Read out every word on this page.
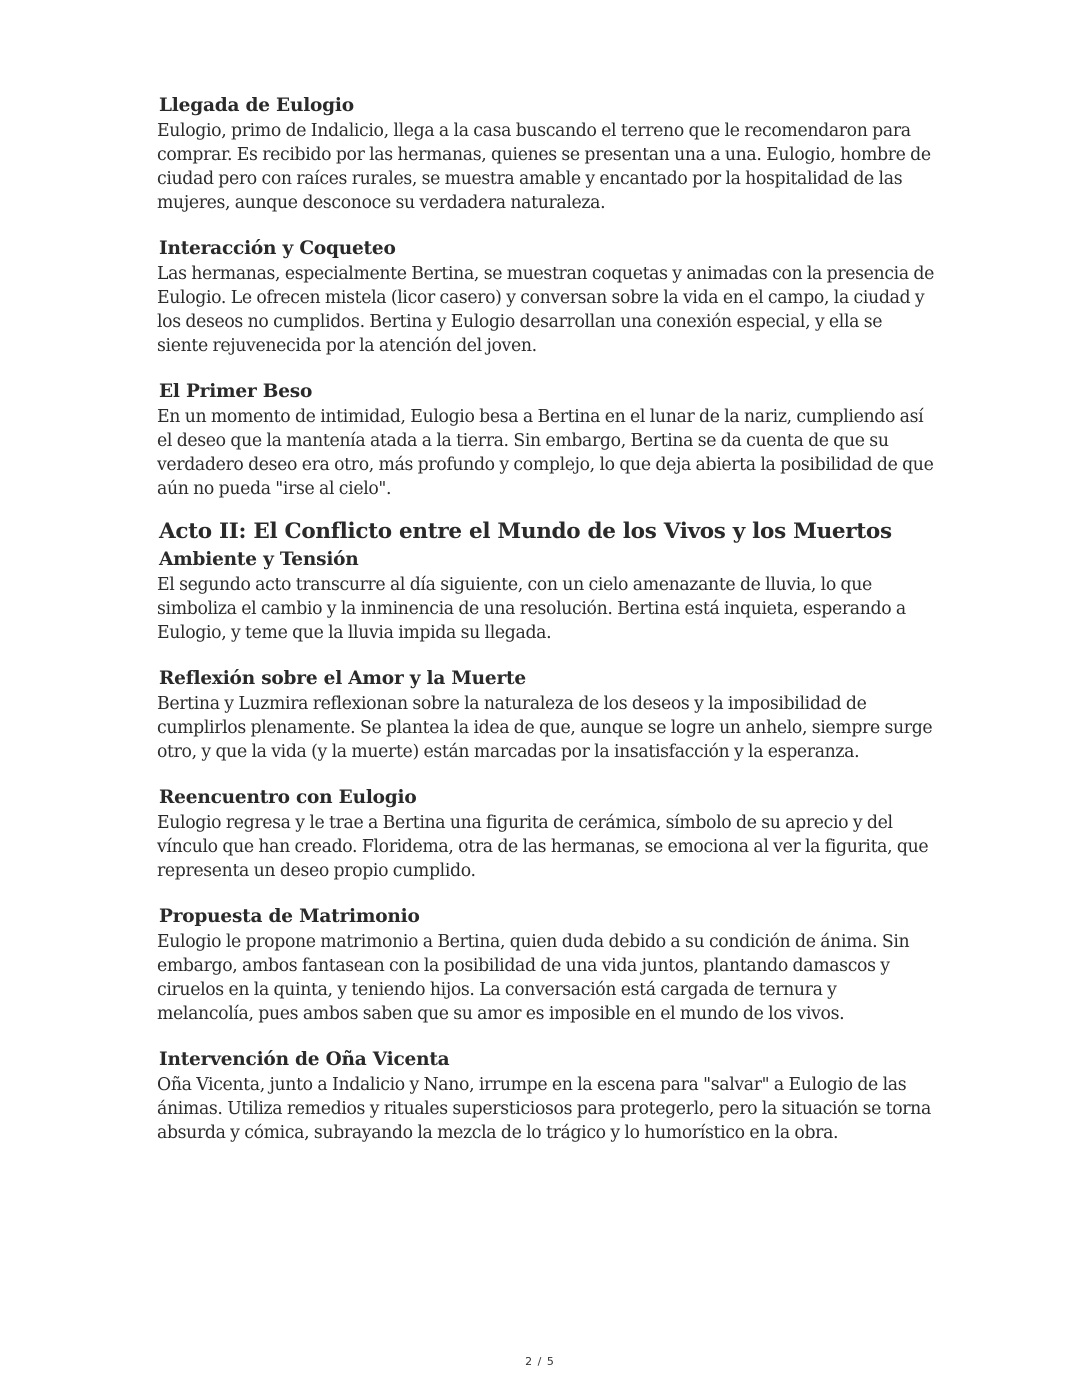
Llegada de Eulogio
Eulogio, primo de Indalicio, llega a la casa buscando el terreno que le recomendaron para comprar. Es recibido por las hermanas, quienes se presentan una a una. Eulogio, hombre de ciudad pero con raíces rurales, se muestra amable y encantado por la hospitalidad de las mujeres, aunque desconoce su verdadera naturaleza.
Interacción y Coqueteo
Las hermanas, especialmente Bertina, se muestran coquetas y animadas con la presencia de Eulogio. Le ofrecen mistela (licor casero) y conversan sobre la vida en el campo, la ciudad y los deseos no cumplidos. Bertina y Eulogio desarrollan una conexión especial, y ella se siente rejuvenecida por la atención del joven.
El Primer Beso
En un momento de intimidad, Eulogio besa a Bertina en el lunar de la nariz, cumpliendo así el deseo que la mantenía atada a la tierra. Sin embargo, Bertina se da cuenta de que su verdadero deseo era otro, más profundo y complejo, lo que deja abierta la posibilidad de que aún no pueda "irse al cielo".
Acto II: El Conflicto entre el Mundo de los Vivos y los Muertos
Ambiente y Tensión
El segundo acto transcurre al día siguiente, con un cielo amenazante de lluvia, lo que simboliza el cambio y la inminencia de una resolución. Bertina está inquieta, esperando a Eulogio, y teme que la lluvia impida su llegada.
Reflexión sobre el Amor y la Muerte
Bertina y Luzmira reflexionan sobre la naturaleza de los deseos y la imposibilidad de cumplirlos plenamente. Se plantea la idea de que, aunque se logre un anhelo, siempre surge otro, y que la vida (y la muerte) están marcadas por la insatisfacción y la esperanza.
Reencuentro con Eulogio
Eulogio regresa y le trae a Bertina una figurita de cerámica, símbolo de su aprecio y del vínculo que han creado. Floridema, otra de las hermanas, se emociona al ver la figurita, que representa un deseo propio cumplido.
Propuesta de Matrimonio
Eulogio le propone matrimonio a Bertina, quien duda debido a su condición de ánima. Sin embargo, ambos fantasean con la posibilidad de una vida juntos, plantando damascos y ciruelos en la quinta, y teniendo hijos. La conversación está cargada de ternura y melancolía, pues ambos saben que su amor es imposible en el mundo de los vivos.
Intervención de Oña Vicenta
Oña Vicenta, junto a Indalicio y Nano, irrumpe en la escena para "salvar" a Eulogio de las ánimas. Utiliza remedios y rituales supersticiosos para protegerlo, pero la situación se torna absurda y cómica, subrayando la mezcla de lo trágico y lo humorístico en la obra.
2 / 5
